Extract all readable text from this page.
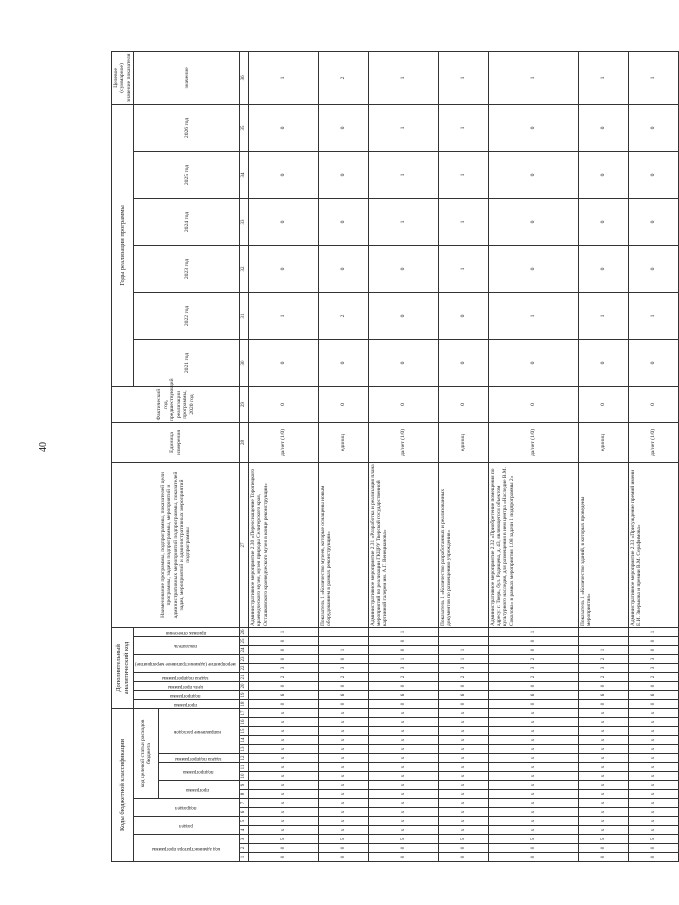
40
Коды бюджетной классификации																	Дополнительный аналитический код									Наименование программы, подпрограммы, показателей цели программы, задачи подпрограммы, мероприятий и административных мероприятий подпрограммы, показателей задач, мероприятий и административных мероприятий подпрограммы	Единица измерения	Фактический год, предшествующий реализации программы, 2020 год	Годы реализации программы						Целевое (суммарное) значение показателя	
код администратора программы			раздел		подраздел		код целевой статьи расходов бюджета										программа	подпрограмма	цель программы	задача подпрограммы	мероприятие (административное мероприятие)		показатель		признак отнесения				2021 год	2022 год	2023 год	2024 год	2025 год	2026 год	значение	
							программа		подпрограмма		задача подпрограммы	направление расходов																								
1	2	3	4	5	6	7	8	9	10	11	12	13	14	15	16	17	18	19	20	21	22	23	24	25	26	27	28	29	30	31	32	33	34	35	36	
0	0	5	x	x	x	x	x	x	x	x	x	x	x	x	x	x	0	6	0	2	3	0	0	0	1	Административное мероприятие 2.30 «Переоснащение Торопецкого краеведческого музея, музея природы Селигерского края, Осташковского краеведческого музея в конце реконструкции»	да/нет (1/0)	0	0	1	0	0	0	0	1	
0	0	5	x	x	x	x	x	x	x	x	x	x	x	x	x	x	0	6	0	2	3	0	1			Показатель 1 «Количество музеев, которые оснащены новым оборудованием в рамках реконструкции»	единиц	0	0	2	0	0	0	0	2	
0	0	5	x	x	x	x	x	x	x	x	x	x	x	x	x	x	0	6	0	2	3	1	0	0	1	Административное мероприятие 2.31 «Разработка и реализация плана мероприятий по реализации ГКЦРУ Тверской государственной картинной галереи им. А.Г. Венецианова»	да/нет (1/0)	0	0	0	0	1	1	1	1	
0	0	5	x	x	x	x	x	x	x	x	x	x	x	x	x	x	0	6	0	2	3	1	1			Показатель 1 «Количество разработанных и реализованных документов по размещению учреждения»	единиц	0	0	0	1	1	1	1	1	
0	0	5	x	x	x	x	x	x	x	x	x	x	x	x	x	x	0	6	0	2	3	2	0	0	1	Административное мероприятие 2.32 «Приобретение помещения по адресу: г. Тверь, бул. Радищева, д. 43, являющегося объектом культурного наследия, для размещения в нем центра «Наследие В.М. Соколова» в рамках мероприятия 1.08 задачи 1 подпрограммы 2»	да/нет (1/0)	0	0	1	0	0	0	0	1	
0	0	5	x	x	x	x	x	x	x	x	x	x	x	x	x	x	0	6	0	2	3	2	1			Показатель 1 «Количество зданий, в которых проведены мероприятия»	единиц	0	0	1	0	0	0	0	1	
0	0	5	x	x	x	x	x	x	x	x	x	x	x	x	x	x	0	6	0	2	3	3	0	0	1	Административное мероприятие 2.33 «Присуждение премий имени Е.И. Зверькова и премии В.М. Серафимова»	да/нет (1/0)	0	0	1	0	0	0	0	1	
